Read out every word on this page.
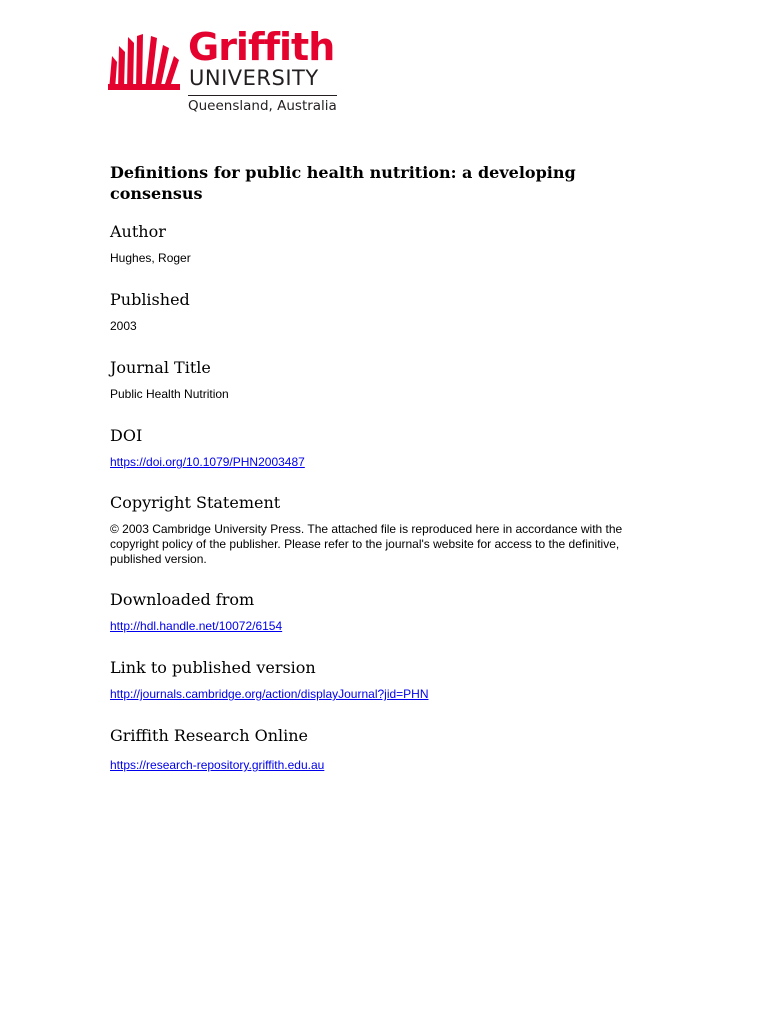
Griffith
UNIVERSITY
Queensland, Australia
Definitions for public health nutrition: a developing consensus
Author
Hughes, Roger
Published
2003
Journal Title
Public Health Nutrition
DOI
https://doi.org/10.1079/PHN2003487
Copyright Statement
© 2003 Cambridge University Press. The attached file is reproduced here in accordance with the copyright policy of the publisher. Please refer to the journal's website for access to the definitive, published version.
Downloaded from
http://hdl.handle.net/10072/6154
Link to published version
http://journals.cambridge.org/action/displayJournal?jid=PHN
Griffith Research Online
https://research-repository.griffith.edu.au
